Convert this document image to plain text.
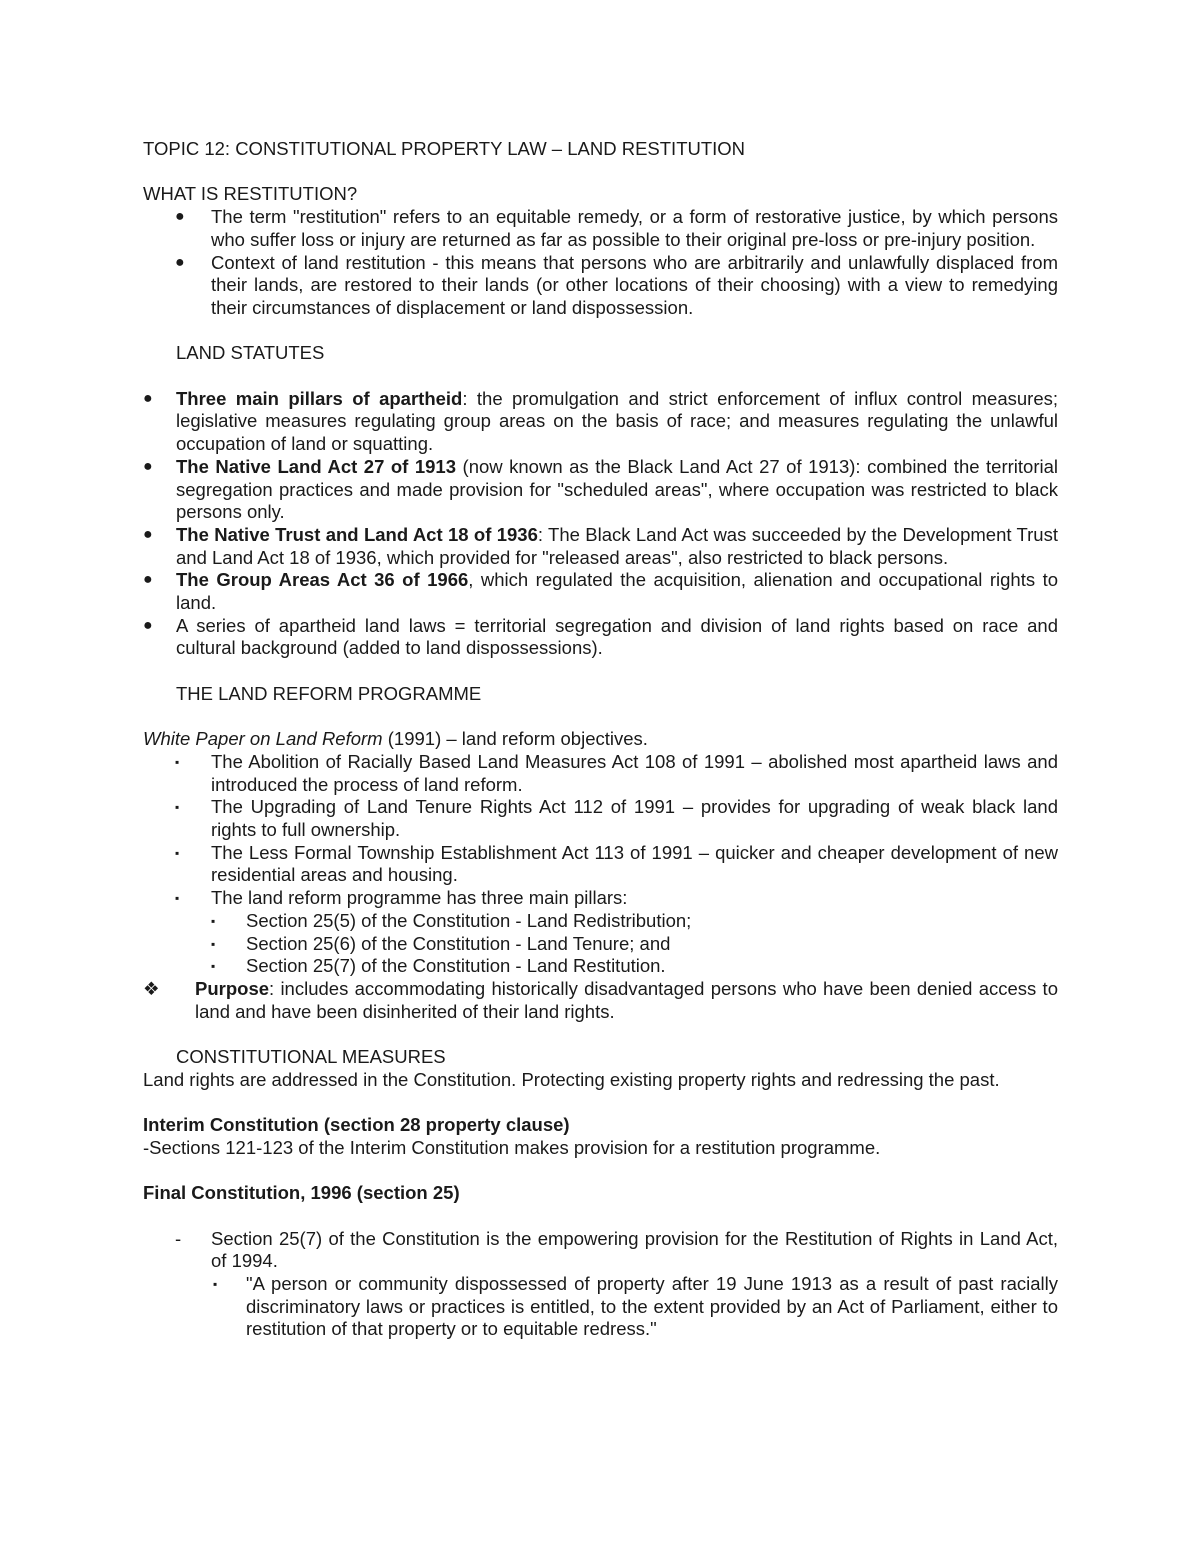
TOPIC 12: CONSTITUTIONAL PROPERTY LAW – LAND RESTITUTION

WHAT IS RESTITUTION?

● The term "restitution" refers to an equitable remedy, or a form of restorative justice, by which persons who suffer loss or injury are returned as far as possible to their original pre-loss or pre-injury position.
● Context of land restitution - this means that persons who are arbitrarily and unlawfully displaced from their lands, are restored to their lands (or other locations of their choosing) with a view to remedying their circumstances of displacement or land dispossession.

LAND STATUTES

● Three main pillars of apartheid: the promulgation and strict enforcement of influx control measures; legislative measures regulating group areas on the basis of race; and measures regulating the unlawful occupation of land or squatting.
● The Native Land Act 27 of 1913 (now known as the Black Land Act 27 of 1913): combined the territorial segregation practices and made provision for "scheduled areas", where occupation was restricted to black persons only.
● The Native Trust and Land Act 18 of 1936: The Black Land Act was succeeded by the Development Trust and Land Act 18 of 1936, which provided for "released areas", also restricted to black persons.
● The Group Areas Act 36 of 1966, which regulated the acquisition, alienation and occupational rights to land.
● A series of apartheid land laws = territorial segregation and division of land rights based on race and cultural background (added to land dispossessions).

THE LAND REFORM PROGRAMME

White Paper on Land Reform (1991) – land reform objectives.

▪ The Abolition of Racially Based Land Measures Act 108 of 1991 – abolished most apartheid laws and introduced the process of land reform.
▪ The Upgrading of Land Tenure Rights Act 112 of 1991 – provides for upgrading of weak black land rights to full ownership.
▪ The Less Formal Township Establishment Act 113 of 1991 – quicker and cheaper development of new residential areas and housing.
▪ The land reform programme has three main pillars:
▪ Section 25(5) of the Constitution - Land Redistribution;
▪ Section 25(6) of the Constitution - Land Tenure; and
▪ Section 25(7) of the Constitution - Land Restitution.
❖ Purpose: includes accommodating historically disadvantaged persons who have been denied access to land and have been disinherited of their land rights.

CONSTITUTIONAL MEASURES

Land rights are addressed in the Constitution. Protecting existing property rights and redressing the past.

Interim Constitution (section 28 property clause)

-Sections 121-123 of the Interim Constitution makes provision for a restitution programme.

Final Constitution, 1996 (section 25)

- Section 25(7) of the Constitution is the empowering provision for the Restitution of Rights in Land Act, of 1994.
▪ "A person or community dispossessed of property after 19 June 1913 as a result of past racially discriminatory laws or practices is entitled, to the extent provided by an Act of Parliament, either to restitution of that property or to equitable redress."
